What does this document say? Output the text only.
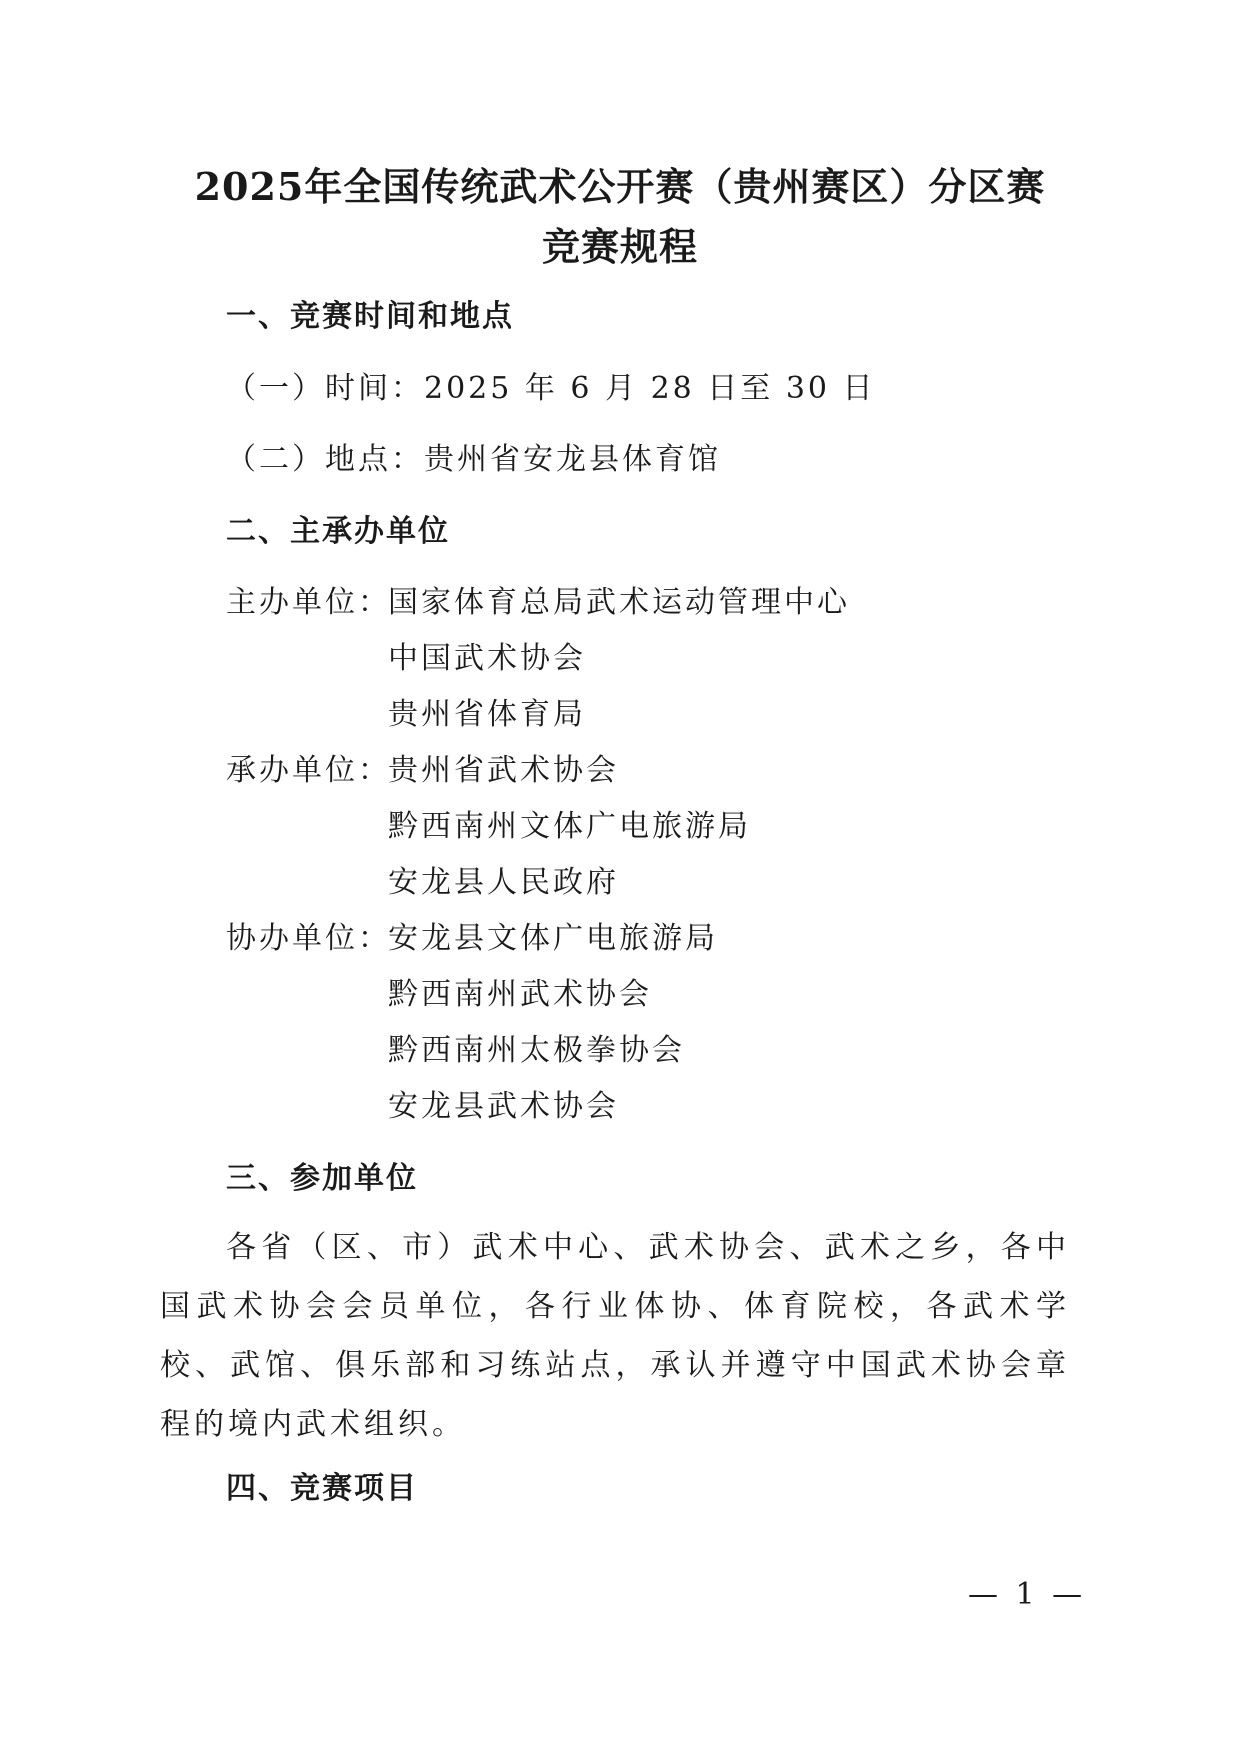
2025年全国传统武术公开赛（贵州赛区）分区赛
竞赛规程
一、竞赛时间和地点

（一）时间：2025 年 6 月 28 日至 30 日

（二）地点：贵州省安龙县体育馆

二、主承办单位
主办单位：
国家体育总局武术运动管理中心
中国武术协会
贵州省体育局
承办单位：
贵州省武术协会
黔西南州文体广电旅游局
安龙县人民政府
协办单位：
安龙县文体广电旅游局
黔西南州武术协会
黔西南州太极拳协会
安龙县武术协会
三、参加单位

各省（区、市）武术中心、武术协会、武术之乡，各中国武术协会会员单位，各行业体协、体育院校，各武术学校、武馆、俱乐部和习练站点，承认并遵守中国武术协会章程的境内武术组织。

四、竞赛项目
— 1 —
